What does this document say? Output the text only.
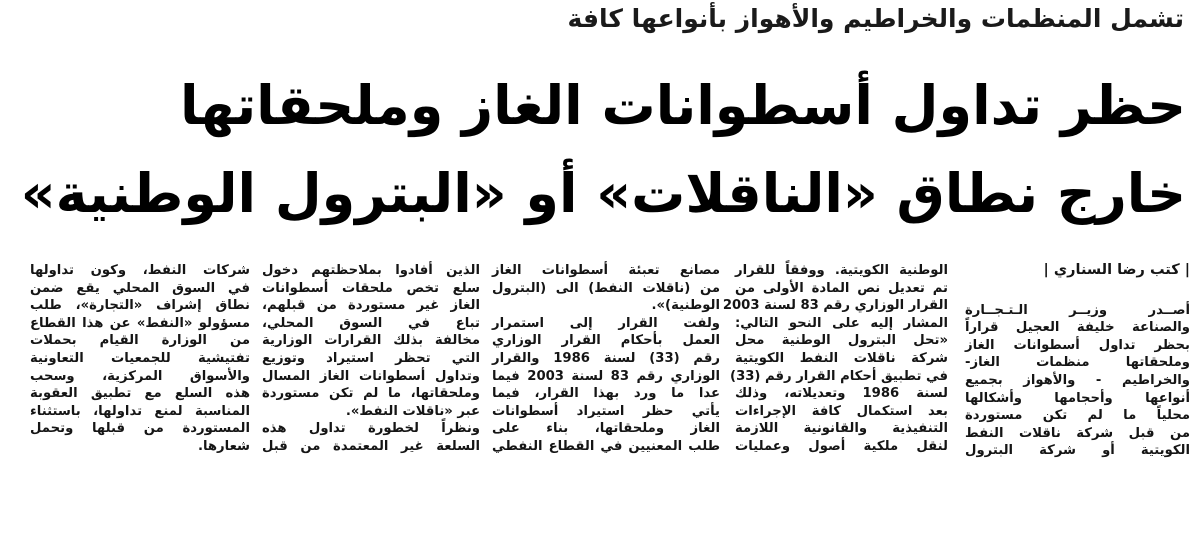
تشمل المنظمات والخراطيم والأهواز بأنواعها كافة
حظر تداول أسطوانات الغاز وملحقاتها
خارج نطاق «الناقلات» أو «البترول الوطنية»
| كتب رضا السناري |
أصــدر وزيــر الـتـجــارة
والصناعة خليفة العجيل قراراً
بحظر تداول أسطوانات الغاز
وملحقاتها منظمات الغاز-
والخراطيم - والأهواز بجميع
أنواعها وأحجامها وأشكالها
محلياً ما لم تكن مستوردة
من قبل شركة ناقلات النفط
الكويتية أو شركة البترول
الوطنية الكويتية. ووفقاً للقرار
تم تعديل نص المادة الأولى من
القرار الوزاري رقم 83 لسنة 2003
المشار إليه على النحو التالي:
«تحل البترول الوطنية محل
شركة ناقلات النفط الكويتية
في تطبيق أحكام القرار رقم (33)
لسنة 1986 وتعديلاته، وذلك
بعد استكمال كافة الإجراءات
التنفيذية والقانونية اللازمة
لنقل ملكية أصول وعمليات
مصانع تعبئة أسطوانات الغاز
من (ناقلات النفط) الى (البترول
الوطنية)».
ولفت القرار إلى استمرار
العمل بأحكام القرار الوزاري
رقم (33) لسنة 1986 والقرار
الوزاري رقم 83 لسنة 2003 فيما
عدا ما ورد بهذا القرار، فيما
يأتي حظر استيراد أسطوانات
الغاز وملحقاتها، بناء على
طلب المعنيين في القطاع النفطي
الذين أفادوا بملاحظتهم دخول
سلع تخص ملحقات أسطوانات
الغاز غير مستوردة من قبلهم،
تباع في السوق المحلي،
مخالفة بذلك القرارات الوزارية
التي تحظر استيراد وتوزيع
وتداول أسطوانات الغاز المسال
وملحقاتها، ما لم تكن مستوردة
عبر «ناقلات النفط».
ونظراً لخطورة تداول هذه
السلعة غير المعتمدة من قبل
شركات النفط، وكون تداولها
في السوق المحلي يقع ضمن
نطاق إشراف «التجارة»، طلب
مسؤولو «النفط» عن هذا القطاع
من الوزارة القيام بحملات
تفتيشية للجمعيات التعاونية
والأسواق المركزية، وسحب
هذه السلع مع تطبيق العقوبة
المناسبة لمنع تداولها، باستثناء
المستوردة من قبلها وتحمل
شعارها.
